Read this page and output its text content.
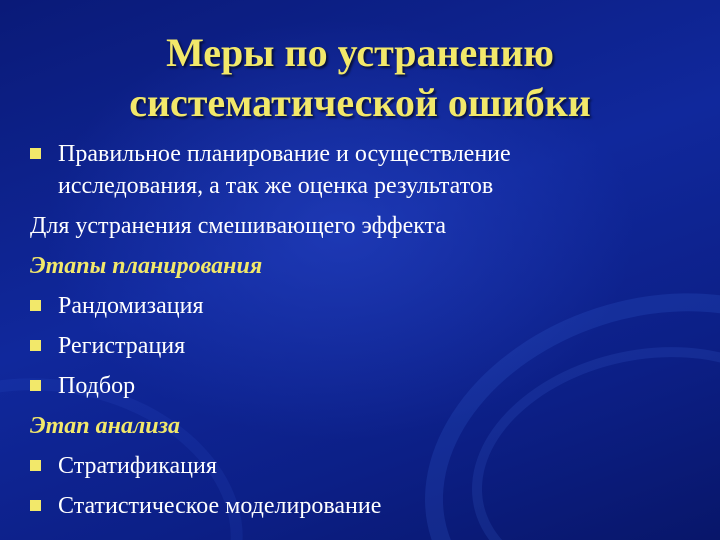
Меры по устранению
систематической ошибки
Правильное планирование и осуществление
исследования, а так же оценка результатов
Для устранения смешивающего эффекта
Этапы планирования
Рандомизация
Регистрация
Подбор
Этап анализа
Стратификация
Статистическое моделирование
